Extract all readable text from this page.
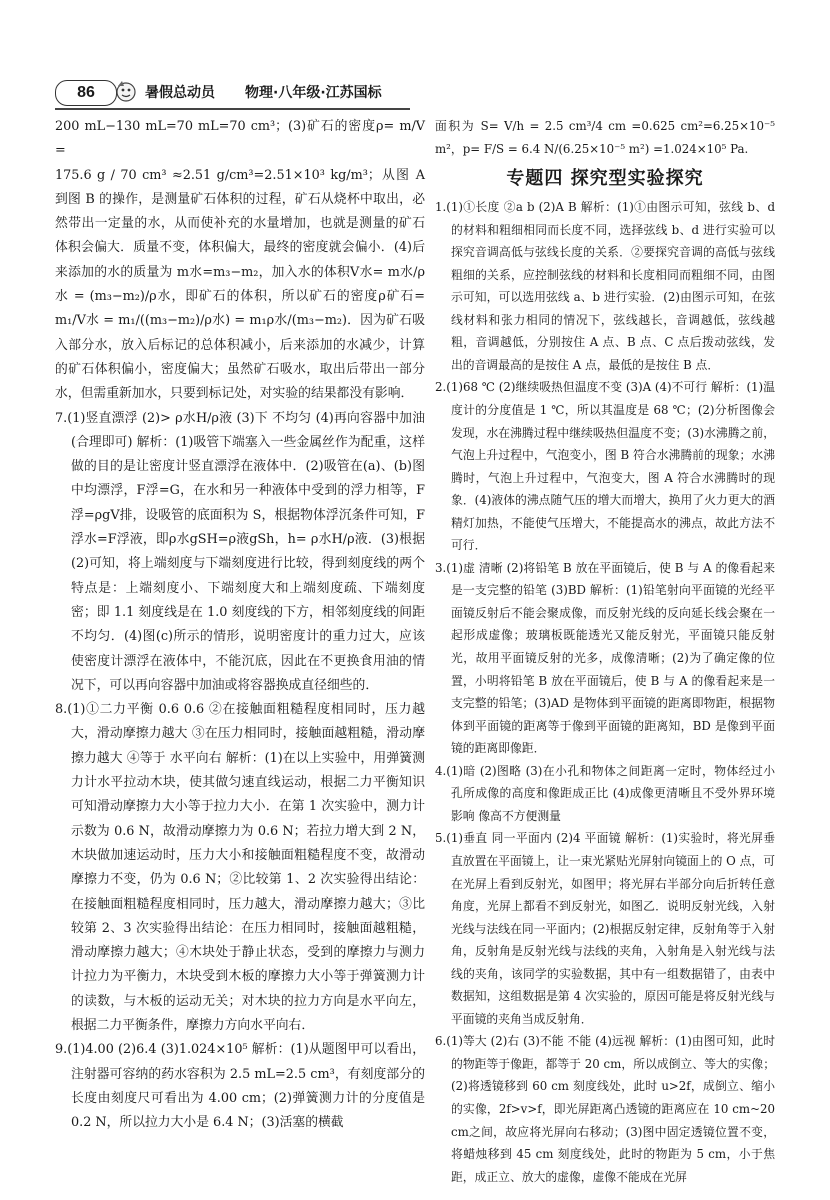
86	暑假总动员 物理·八年级·江苏国标

200 mL−130 mL=70 mL=70 cm³；(3)矿石的密度ρ= m/V =

175.6 g / 70 cm³ ≈2.51 g/cm³=2.51×10³ kg/m³；从图 A 到图 B 的操作，是测量矿石体积的过程，矿石从烧杯中取出，必然带出一定量的水，从而使补充的水量增加，也就是测量的矿石体积会偏大．质量不变，体积偏大，最终的密度就会偏小．(4)后来添加的水的质量为 m水=m₃−m₂，加入水的体积V水= m水/ρ水 = (m₃−m₂)/ρ水，即矿石的体积，所以矿石的密度ρ矿石= m₁/V水 = m₁/((m₃−m₂)/ρ水) = m₁ρ水/(m₃−m₂)．因为矿石吸入部分水，放入后标记的总体积减小，后来添加的水减少，计算的矿石体积偏小，密度偏大；虽然矿石吸水，取出后带出一部分水，但需重新加水，只要到标记处，对实验的结果都没有影响．

7.(1)竖直漂浮 (2)> ρ水H/ρ液 (3)下 不均匀 (4)再向容器中加油(合理即可) 解析：(1)吸管下端塞入一些金属丝作为配重，这样做的目的是让密度计竖直漂浮在液体中．(2)吸管在(a)、(b)图中均漂浮，F浮=G，在水和另一种液体中受到的浮力相等，F浮=ρgV排，设吸管的底面积为 S，根据物体浮沉条件可知，F浮水=F浮液，即ρ水gSH=ρ液gSh，h= ρ水H/ρ液．(3)根据(2)可知，将上端刻度与下端刻度进行比较，得到刻度线的两个特点是：上端刻度小、下端刻度大和上端刻度疏、下端刻度密；即 1.1 刻度线是在 1.0 刻度线的下方，相邻刻度线的间距不均匀．(4)图(c)所示的情形，说明密度计的重力过大，应该使密度计漂浮在液体中，不能沉底，因此在不更换食用油的情况下，可以再向容器中加油或将容器换成直径细些的．

8.(1)①二力平衡 0.6 0.6 ②在接触面粗糙程度相同时，压力越大，滑动摩擦力越大 ③在压力相同时，接触面越粗糙，滑动摩擦力越大 ④等于 水平向右 解析：(1)在以上实验中，用弹簧测力计水平拉动木块，使其做匀速直线运动，根据二力平衡知识可知滑动摩擦力大小等于拉力大小．在第 1 次实验中，测力计示数为 0.6 N，故滑动摩擦力为 0.6 N；若拉力增大到 2 N，木块做加速运动时，压力大小和接触面粗糙程度不变，故滑动摩擦力不变，仍为 0.6 N；②比较第 1、2 次实验得出结论：在接触面粗糙程度相同时，压力越大，滑动摩擦力越大；③比较第 2、3 次实验得出结论：在压力相同时，接触面越粗糙，滑动摩擦力越大；④木块处于静止状态，受到的摩擦力与测力计拉力为平衡力，木块受到木板的摩擦力大小等于弹簧测力计的读数，与木板的运动无关；对木块的拉力方向是水平向左，根据二力平衡条件，摩擦力方向水平向右．

9.(1)4.00 (2)6.4 (3)1.024×10⁵ 解析：(1)从题图甲可以看出，注射器可容纳的药水容积为 2.5 mL=2.5 cm³，有刻度部分的长度由刻度尺可看出为 4.00 cm；(2)弹簧测力计的分度值是 0.2 N，所以拉力大小是 6.4 N；(3)活塞的横截

面积为 S= V/h = 2.5 cm³/4 cm =0.625 cm²=6.25×10⁻⁵ m²，p= F/S = 6.4 N/(6.25×10⁻⁵ m²) =1.024×10⁵ Pa.

专题四 探究型实验探究

1.(1)①长度 ②a b (2)A B 解析：(1)①由图示可知，弦线 b、d 的材料和粗细相同而长度不同，选择弦线 b、d 进行实验可以探究音调高低与弦线长度的关系．②要探究音调的高低与弦线粗细的关系，应控制弦线的材料和长度相同而粗细不同，由图示可知，可以选用弦线 a、b 进行实验．(2)由图示可知，在弦线材料和张力相同的情况下，弦线越长，音调越低，弦线越粗，音调越低，分别按住 A 点、B 点、C 点后拨动弦线，发出的音调最高的是按住 A 点，最低的是按住 B 点．

2.(1)68 ℃ (2)继续吸热但温度不变 (3)A (4)不可行 解析：(1)温度计的分度值是 1 ℃，所以其温度是 68 ℃；(2)分析图像会发现，水在沸腾过程中继续吸热但温度不变；(3)水沸腾之前，气泡上升过程中，气泡变小，图 B 符合水沸腾前的现象；水沸腾时，气泡上升过程中，气泡变大，图 A 符合水沸腾时的现象．(4)液体的沸点随气压的增大而增大，换用了火力更大的酒精灯加热，不能使气压增大，不能提高水的沸点，故此方法不可行．

3.(1)虚 清晰 (2)将铅笔 B 放在平面镜后，使 B 与 A 的像看起来是一支完整的铅笔 (3)BD 解析：(1)铅笔射向平面镜的光经平面镜反射后不能会聚成像，而反射光线的反向延长线会聚在一起形成虚像；玻璃板既能透光又能反射光，平面镜只能反射光，故用平面镜反射的光多，成像清晰；(2)为了确定像的位置，小明将铅笔 B 放在平面镜后，使 B 与 A 的像看起来是一支完整的铅笔；(3)AD 是物体到平面镜的距离即物距，根据物体到平面镜的距离等于像到平面镜的距离知，BD 是像到平面镜的距离即像距．

4.(1)暗 (2)图略 (3)在小孔和物体之间距离一定时，物体经过小孔所成像的高度和像距成正比 (4)成像更清晰且不受外界环境影响 像高不方便测量

5.(1)垂直 同一平面内 (2)4 平面镜 解析：(1)实验时，将光屏垂直放置在平面镜上，让一束光紧贴光屏射向镜面上的 O 点，可在光屏上看到反射光，如图甲；将光屏右半部分向后折转任意角度，光屏上都看不到反射光，如图乙．说明反射光线，入射光线与法线在同一平面内；(2)根据反射定律，反射角等于入射角，反射角是反射光线与法线的夹角，入射角是入射光线与法线的夹角，该同学的实验数据，其中有一组数据错了，由表中数据知，这组数据是第 4 次实验的，原因可能是将反射光线与平面镜的夹角当成反射角．

6.(1)等大 (2)右 (3)不能 不能 (4)远视 解析：(1)由图可知，此时的物距等于像距，都等于 20 cm，所以成倒立、等大的实像；(2)将透镜移到 60 cm 刻度线处，此时 u>2f，成倒立、缩小的实像，2f>v>f，即光屏距离凸透镜的距离应在 10 cm~20 cm之间，故应将光屏向右移动；(3)图中固定透镜位置不变，将蜡烛移到 45 cm 刻度线处，此时的物距为 5 cm，小于焦距，成正立、放大的虚像，虚像不能成在光屏
